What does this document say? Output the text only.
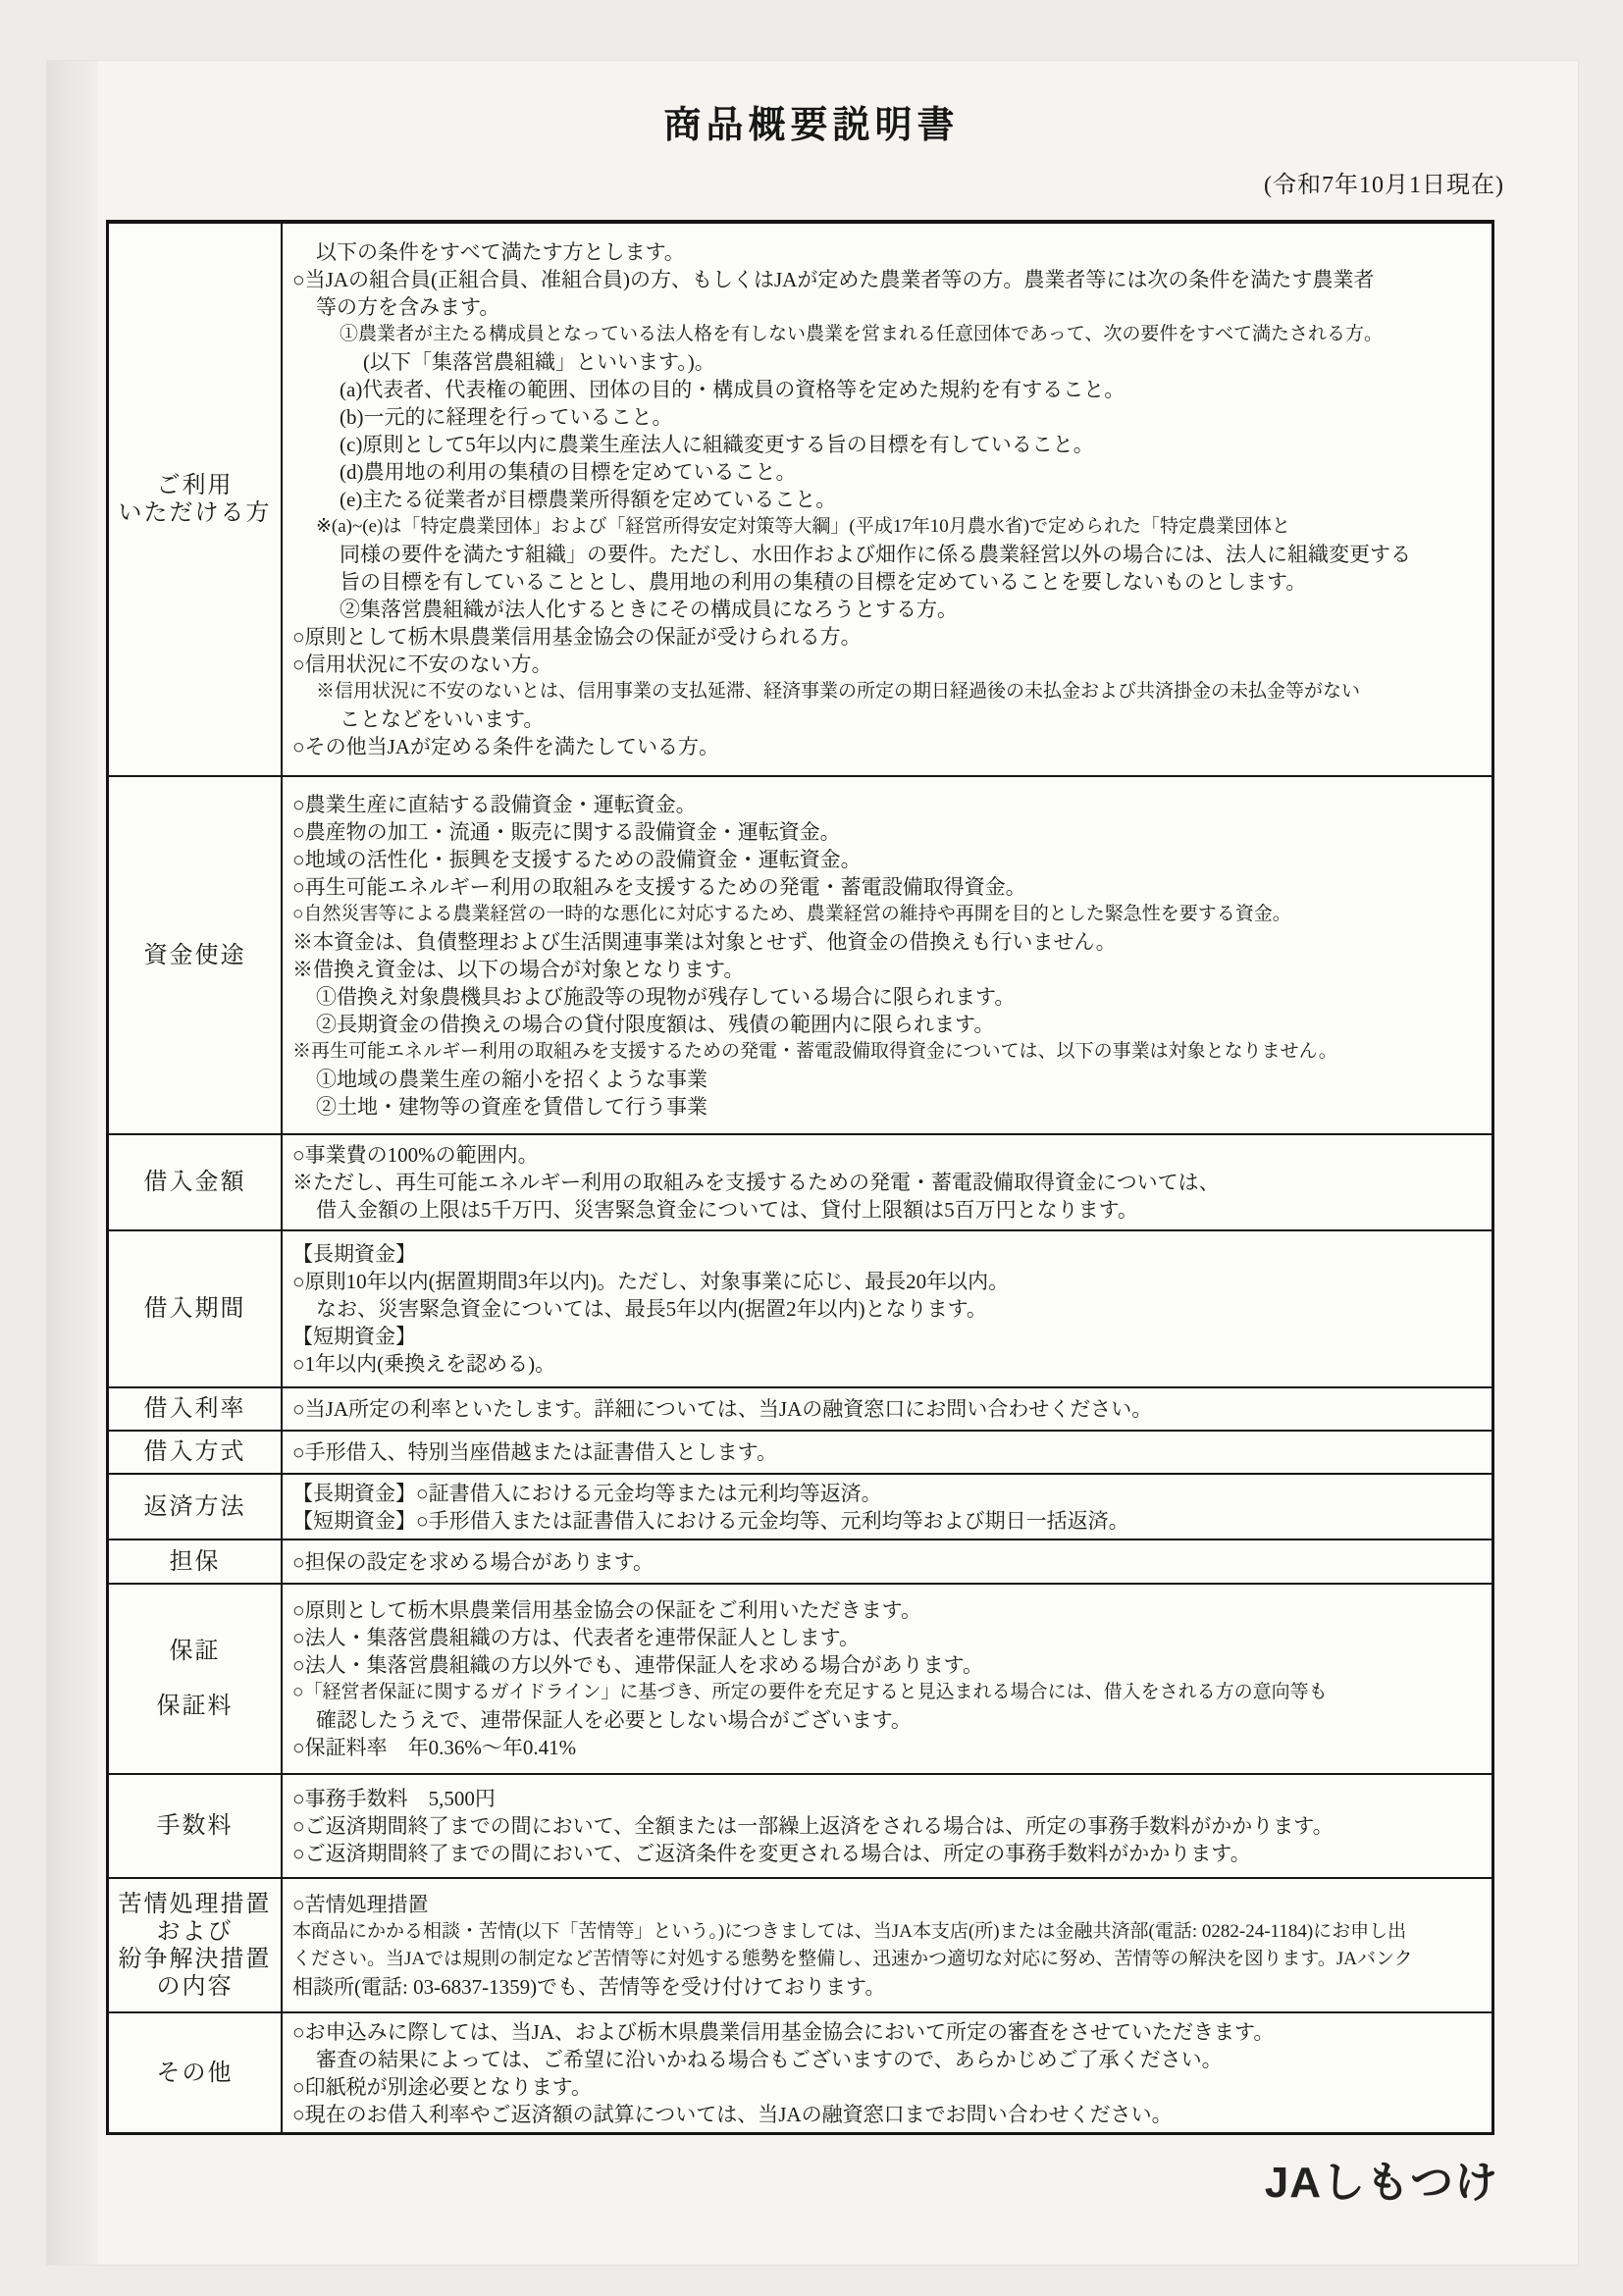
商品概要説明書
(令和7年10月1日現在)
ご利用
いただける方
以下の条件をすべて満たす方とします。
○当JAの組合員(正組合員、准組合員)の方、もしくはJAが定めた農業者等の方。農業者等には次の条件を満たす農業者
等の方を含みます。
①農業者が主たる構成員となっている法人格を有しない農業を営まれる任意団体であって、次の要件をすべて満たされる方。
(以下「集落営農組織」といいます。)。
(a)代表者、代表権の範囲、団体の目的・構成員の資格等を定めた規約を有すること。
(b)一元的に経理を行っていること。
(c)原則として5年以内に農業生産法人に組織変更する旨の目標を有していること。
(d)農用地の利用の集積の目標を定めていること。
(e)主たる従業者が目標農業所得額を定めていること。
※(a)~(e)は「特定農業団体」および「経営所得安定対策等大綱」(平成17年10月農水省)で定められた「特定農業団体と
同様の要件を満たす組織」の要件。ただし、水田作および畑作に係る農業経営以外の場合には、法人に組織変更する
旨の目標を有していることとし、農用地の利用の集積の目標を定めていることを要しないものとします。
②集落営農組織が法人化するときにその構成員になろうとする方。
○原則として栃木県農業信用基金協会の保証が受けられる方。
○信用状況に不安のない方。
※信用状況に不安のないとは、信用事業の支払延滞、経済事業の所定の期日経過後の未払金および共済掛金の未払金等がない
ことなどをいいます。
○その他当JAが定める条件を満たしている方。
資金使途
○農業生産に直結する設備資金・運転資金。
○農産物の加工・流通・販売に関する設備資金・運転資金。
○地域の活性化・振興を支援するための設備資金・運転資金。
○再生可能エネルギー利用の取組みを支援するための発電・蓄電設備取得資金。
○自然災害等による農業経営の一時的な悪化に対応するため、農業経営の維持や再開を目的とした緊急性を要する資金。
※本資金は、負債整理および生活関連事業は対象とせず、他資金の借換えも行いません。
※借換え資金は、以下の場合が対象となります。
①借換え対象農機具および施設等の現物が残存している場合に限られます。
②長期資金の借換えの場合の貸付限度額は、残債の範囲内に限られます。
※再生可能エネルギー利用の取組みを支援するための発電・蓄電設備取得資金については、以下の事業は対象となりません。
①地域の農業生産の縮小を招くような事業
②土地・建物等の資産を賃借して行う事業
借入金額
○事業費の100%の範囲内。
※ただし、再生可能エネルギー利用の取組みを支援するための発電・蓄電設備取得資金については、
借入金額の上限は5千万円、災害緊急資金については、貸付上限額は5百万円となります。
借入期間
【長期資金】
○原則10年以内(据置期間3年以内)。ただし、対象事業に応じ、最長20年以内。
なお、災害緊急資金については、最長5年以内(据置2年以内)となります。
【短期資金】
○1年以内(乗換えを認める)。
借入利率 ○当JA所定の利率といたします。詳細については、当JAの融資窓口にお問い合わせください。
借入方式 ○手形借入、特別当座借越または証書借入とします。
返済方法
【長期資金】○証書借入における元金均等または元利均等返済。
【短期資金】○手形借入または証書借入における元金均等、元利均等および期日一括返済。
担保	○担保の設定を求める場合があります。
保証
保証料
○原則として栃木県農業信用基金協会の保証をご利用いただきます。
○法人・集落営農組織の方は、代表者を連帯保証人とします。
○法人・集落営農組織の方以外でも、連帯保証人を求める場合があります。
○「経営者保証に関するガイドライン」に基づき、所定の要件を充足すると見込まれる場合には、借入をされる方の意向等も
確認したうえで、連帯保証人を必要としない場合がございます。
○保証料率　年0.36%〜年0.41%
手数料
○事務手数料　5,500円
○ご返済期間終了までの間において、全額または一部繰上返済をされる場合は、所定の事務手数料がかかります。
○ご返済期間終了までの間において、ご返済条件を変更される場合は、所定の事務手数料がかかります。
苦情処理措置
および
紛争解決措置
の内容
○苦情処理措置
本商品にかかる相談・苦情(以下「苦情等」という。)につきましては、当JA本支店(所)または金融共済部(電話: 0282-24-1184)にお申し出
ください。当JAでは規則の制定など苦情等に対処する態勢を整備し、迅速かつ適切な対応に努め、苦情等の解決を図ります。JAバンク
相談所(電話: 03-6837-1359)でも、苦情等を受け付けております。
その他
○お申込みに際しては、当JA、および栃木県農業信用基金協会において所定の審査をさせていただきます。
審査の結果によっては、ご希望に沿いかねる場合もございますので、あらかじめご了承ください。
○印紙税が別途必要となります。
○現在のお借入利率やご返済額の試算については、当JAの融資窓口までお問い合わせください。
JAしもつけ
